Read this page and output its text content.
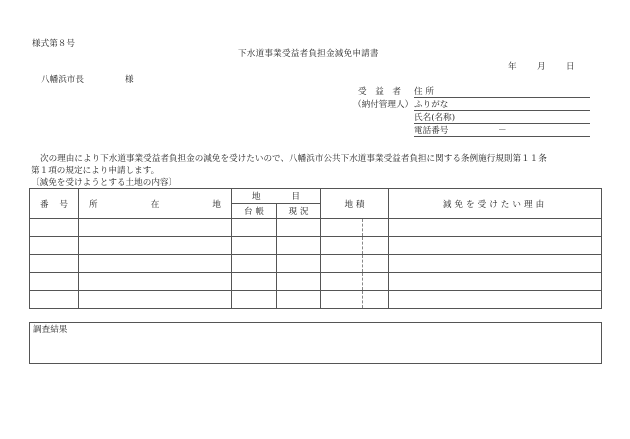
様式第８号
下水道事業受益者負担金減免申請書
年 月 日
八幡浜市長	様
受　益　者 住 所
（納付管理人） ふりがな
氏名(名称)
電話番号	－
次の理由により下水道事業受益者負担金の減免を受けたいので、八幡浜市公共下水道事業受益者負担に関する条例施行規則第１１条
第１項の規定により申請します。
〔減免を受けようとする土地の内容〕
番 号	所 在 地	地 目		地 積		減免を受けたい理由
		台 帳	現 況			

調査結果
